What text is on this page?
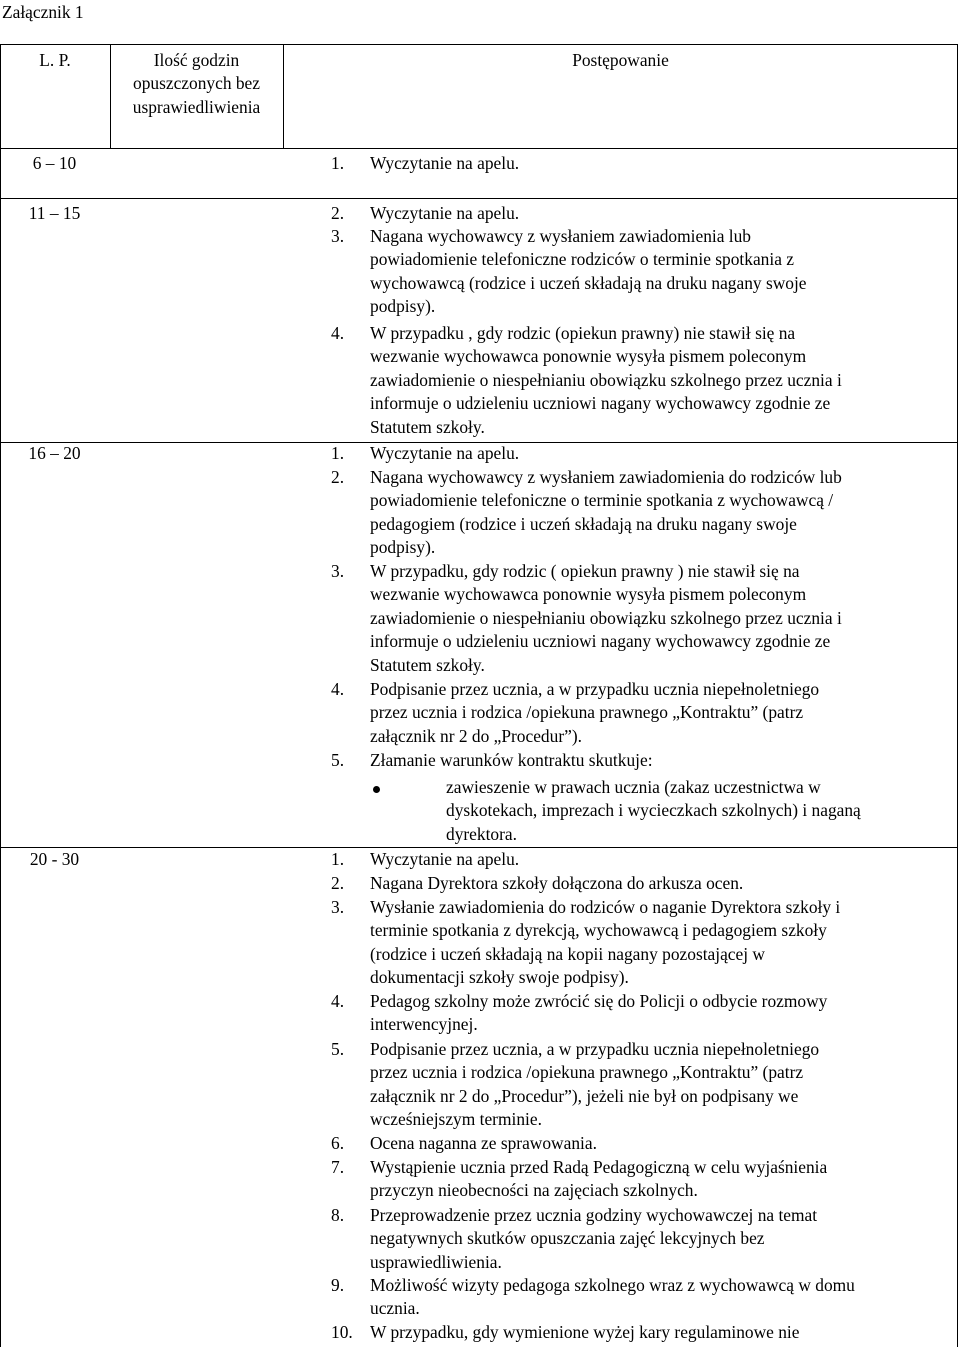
Załącznik 1
L. P.	Ilość godzin
opuszczonych bez
usprawiedliwienia
Postępowanie
6 – 10	1.	Wyczytanie na apelu.
11 – 15	2.	Wyczytanie na apelu.
3.	Nagana wychowawcy z wysłaniem zawiadomienia lub
powiadomienie telefoniczne rodziców o terminie spotkania z
wychowawcą (rodzice i uczeń składają na druku nagany swoje
podpisy).
4.	W przypadku , gdy rodzic (opiekun prawny) nie stawił się na
wezwanie wychowawca ponownie wysyła pismem poleconym
zawiadomienie o niespełnianiu obowiązku szkolnego przez ucznia i
informuje o udzieleniu uczniowi nagany wychowawcy zgodnie ze
Statutem szkoły.
16 – 20	1.	Wyczytanie na apelu.
2.	Nagana wychowawcy z wysłaniem zawiadomienia do rodziców lub
powiadomienie telefoniczne o terminie spotkania z wychowawcą /
pedagogiem (rodzice i uczeń składają na druku nagany swoje
podpisy).
3.	W przypadku, gdy rodzic ( opiekun prawny ) nie stawił się na
wezwanie wychowawca ponownie wysyła pismem poleconym
zawiadomienie o niespełnianiu obowiązku szkolnego przez ucznia i
informuje o udzieleniu uczniowi nagany wychowawcy zgodnie ze
Statutem szkoły.
4.	Podpisanie przez ucznia, a w przypadku ucznia niepełnoletniego
przez ucznia i rodzica /opiekuna prawnego „Kontraktu” (patrz
załącznik nr 2 do „Procedur”).
5.	Złamanie warunków kontraktu skutkuje:
zawieszenie w prawach ucznia (zakaz uczestnictwa w
dyskotekach, imprezach i wycieczkach szkolnych) i naganą
dyrektora.
20 - 30	1.	Wyczytanie na apelu.
2.	Nagana Dyrektora szkoły dołączona do arkusza ocen.
3.	Wysłanie zawiadomienia do rodziców o naganie Dyrektora szkoły i
terminie spotkania z dyrekcją, wychowawcą i pedagogiem szkoły
(rodzice i uczeń składają na kopii nagany pozostającej w
dokumentacji szkoły swoje podpisy).
4.	Pedagog szkolny może zwrócić się do Policji o odbycie rozmowy
interwencyjnej.
5.	Podpisanie przez ucznia, a w przypadku ucznia niepełnoletniego
przez ucznia i rodzica /opiekuna prawnego „Kontraktu” (patrz
załącznik nr 2 do „Procedur”), jeżeli nie był on podpisany we
wcześniejszym terminie.
6.	Ocena naganna ze sprawowania.
7.	Wystąpienie ucznia przed Radą Pedagogiczną w celu wyjaśnienia
przyczyn nieobecności na zajęciach szkolnych.
8.	Przeprowadzenie przez ucznia godziny wychowawczej na temat
negatywnych skutków opuszczania zajęć lekcyjnych bez
usprawiedliwienia.
9.	Możliwość wizyty pedagoga szkolnego wraz z wychowawcą w domu
ucznia.
10. W przypadku, gdy wymienione wyżej kary regulaminowe nie
